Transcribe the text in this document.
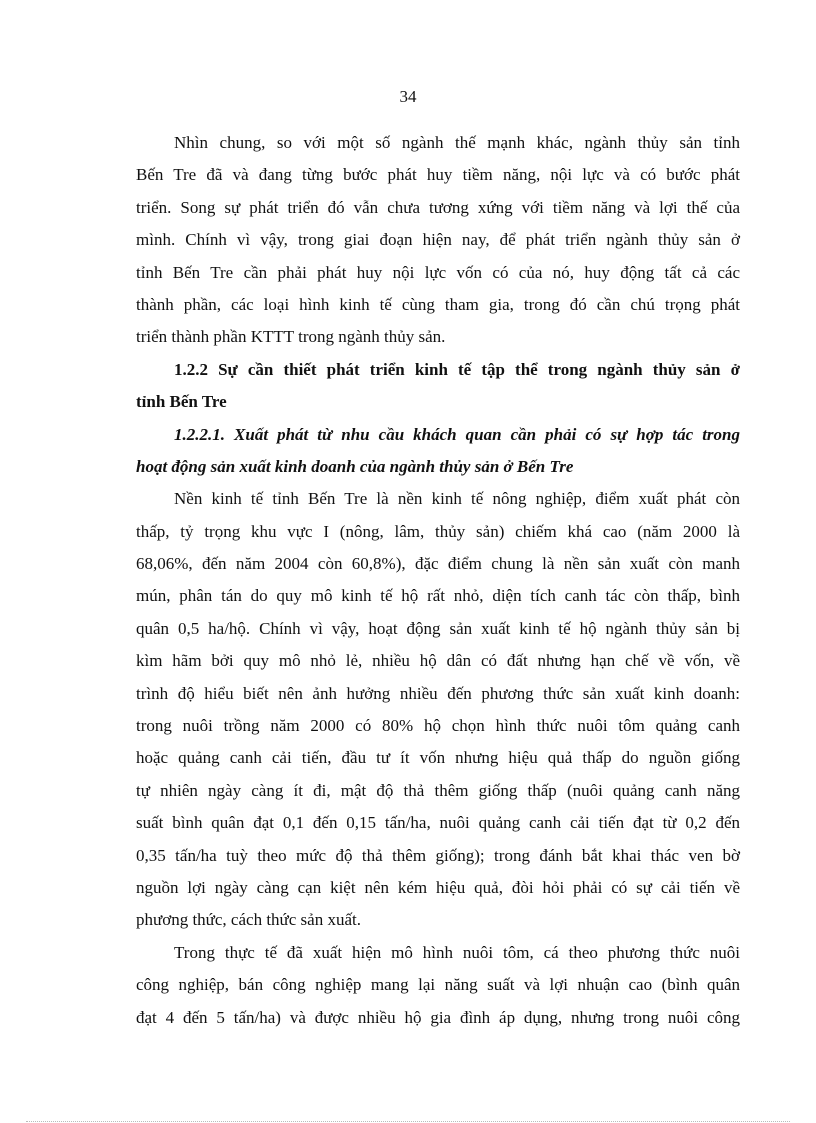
34
Nhìn chung, so với một số ngành thế mạnh khác, ngành thủy sản tỉnh
Bến Tre đã và đang từng bước phát huy tiềm năng, nội lực và có bước phát
triển. Song sự phát triển đó vẫn chưa tương xứng với tiềm năng và lợi thế của
mình. Chính vì vậy, trong giai đoạn hiện nay, để phát triển ngành thủy sản ở
tỉnh Bến Tre cần phải phát huy nội lực vốn có của nó, huy động tất cả các
thành phần, các loại hình kinh tế cùng tham gia, trong đó cần chú trọng phát
triển thành phần KTTT trong ngành thủy sản.
1.2.2 Sự cần thiết phát triển kinh tế tập thể trong ngành thủy sản ở
tỉnh Bến Tre
1.2.2.1. Xuất phát từ nhu cầu khách quan cần phải có sự hợp tác trong
hoạt động sản xuất kinh doanh của ngành thủy sản ở Bến Tre
Nền kinh tế tỉnh Bến Tre là nền kinh tế nông nghiệp, điểm xuất phát còn
thấp, tỷ trọng khu vực I (nông, lâm, thủy sản) chiếm khá cao (năm 2000 là
68,06%, đến năm 2004 còn 60,8%), đặc điểm chung là nền sản xuất còn manh
mún, phân tán do quy mô kinh tế hộ rất nhỏ, diện tích canh tác còn thấp, bình
quân 0,5 ha/hộ. Chính vì vậy, hoạt động sản xuất kinh tế hộ ngành thủy sản bị
kìm hãm bởi quy mô nhỏ lẻ, nhiều hộ dân có đất nhưng hạn chế về vốn, về
trình độ hiểu biết nên ảnh hưởng nhiều đến phương thức sản xuất kinh doanh:
trong nuôi trồng năm 2000 có 80% hộ chọn hình thức nuôi tôm quảng canh
hoặc quảng canh cải tiến, đầu tư ít vốn nhưng hiệu quả thấp do nguồn giống
tự nhiên ngày càng ít đi, mật độ thả thêm giống thấp (nuôi quảng canh năng
suất bình quân đạt 0,1 đến 0,15 tấn/ha, nuôi quảng canh cải tiến đạt từ 0,2 đến
0,35 tấn/ha tuỳ theo mức độ thả thêm giống); trong đánh bắt khai thác ven bờ
nguồn lợi ngày càng cạn kiệt nên kém hiệu quả, đòi hỏi phải có sự cải tiến về
phương thức, cách thức sản xuất.
Trong thực tế đã xuất hiện mô hình nuôi tôm, cá theo phương thức nuôi
công nghiệp, bán công nghiệp mang lại năng suất và lợi nhuận cao (bình quân
đạt 4 đến 5 tấn/ha) và được nhiều hộ gia đình áp dụng, nhưng trong nuôi công
